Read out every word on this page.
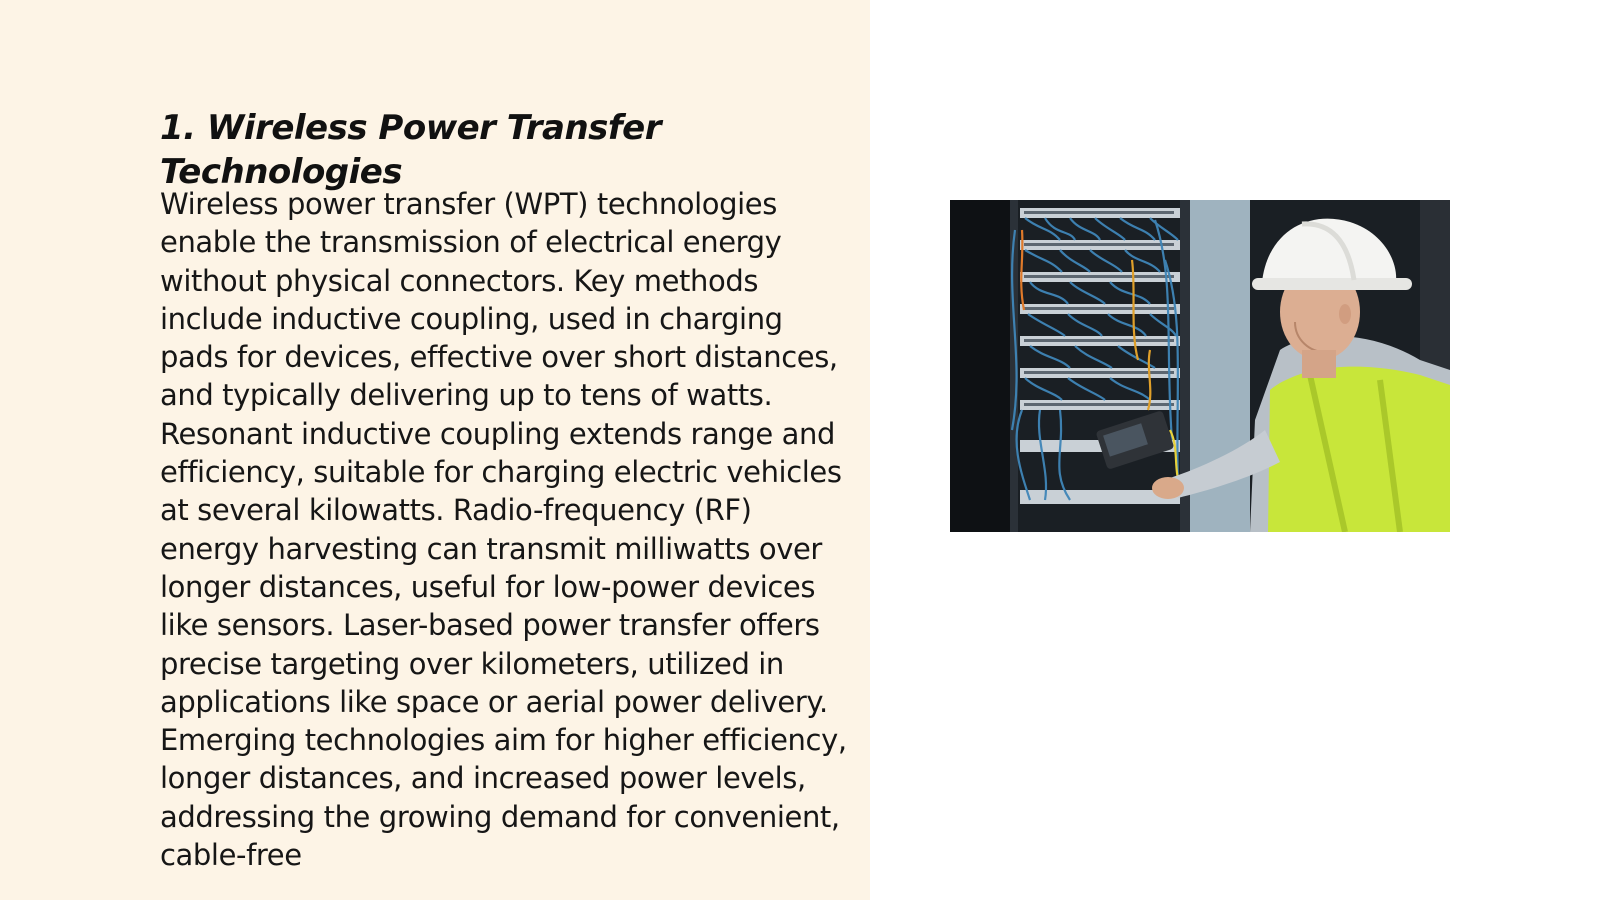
1. Wireless Power Transfer Technologies

Wireless power transfer (WPT) technologies enable the transmission of electrical energy without physical connectors. Key methods include inductive coupling, used in charging pads for devices, effective over short distances, and typically delivering up to tens of watts. Resonant inductive coupling extends range and efficiency, suitable for charging electric vehicles at several kilowatts. Radio-frequency (RF) energy harvesting can transmit milliwatts over longer distances, useful for low-power devices like sensors. Laser-based power transfer offers precise targeting over kilometers, utilized in applications like space or aerial power delivery. Emerging technologies aim for higher efficiency, longer distances, and increased power levels, addressing the growing demand for convenient, cable-free
